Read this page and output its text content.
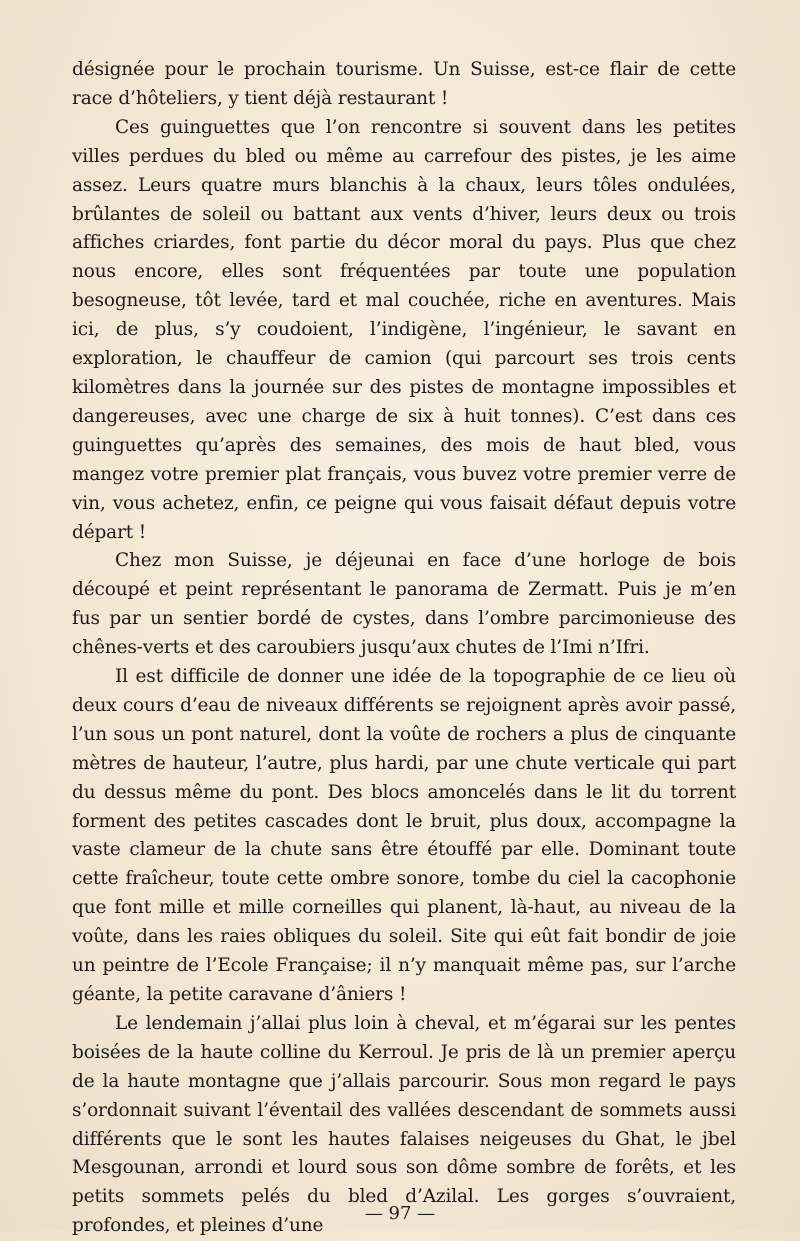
désignée pour le prochain tourisme. Un Suisse, est-ce flair de cette race d’hôteliers, y tient déjà restaurant !

Ces guinguettes que l’on rencontre si souvent dans les petites villes perdues du bled ou même au carrefour des pistes, je les aime assez. Leurs quatre murs blanchis à la chaux, leurs tôles ondulées, brûlantes de soleil ou battant aux vents d’hiver, leurs deux ou trois affiches criardes, font partie du décor moral du pays. Plus que chez nous encore, elles sont fréquentées par toute une population besogneuse, tôt levée, tard et mal couchée, riche en aventures. Mais ici, de plus, s’y coudoient, l’indigène, l’ingénieur, le savant en exploration, le chauffeur de camion (qui parcourt ses trois cents kilomètres dans la journée sur des pistes de montagne impossibles et dangereuses, avec une charge de six à huit tonnes). C’est dans ces guinguettes qu’après des semaines, des mois de haut bled, vous mangez votre premier plat français, vous buvez votre premier verre de vin, vous achetez, enfin, ce peigne qui vous faisait défaut depuis votre départ !

Chez mon Suisse, je déjeunai en face d’une horloge de bois découpé et peint représentant le panorama de Zermatt. Puis je m’en fus par un sentier bordé de cystes, dans l’ombre parcimonieuse des chênes-verts et des caroubiers jusqu’aux chutes de l’Imi n’Ifri.

Il est difficile de donner une idée de la topographie de ce lieu où deux cours d’eau de niveaux différents se rejoignent après avoir passé, l’un sous un pont naturel, dont la voûte de rochers a plus de cinquante mètres de hauteur, l’autre, plus hardi, par une chute verticale qui part du dessus même du pont. Des blocs amoncelés dans le lit du torrent forment des petites cascades dont le bruit, plus doux, accompagne la vaste clameur de la chute sans être étouffé par elle. Dominant toute cette fraîcheur, toute cette ombre sonore, tombe du ciel la cacophonie que font mille et mille corneilles qui planent, là-haut, au niveau de la voûte, dans les raies obliques du soleil. Site qui eût fait bondir de joie un peintre de l’Ecole Française; il n’y manquait même pas, sur l’arche géante, la petite caravane d’âniers !

Le lendemain j’allai plus loin à cheval, et m’égarai sur les pentes boisées de la haute colline du Kerroul. Je pris de là un premier aperçu de la haute montagne que j’allais parcourir. Sous mon regard le pays s’ordonnait suivant l’éventail des vallées descendant de sommets aussi différents que le sont les hautes falaises neigeuses du Ghat, le jbel Mesgounan, arrondi et lourd sous son dôme sombre de forêts, et les petits sommets pelés du bled d’Azilal. Les gorges s’ouvraient, profondes, et pleines d’une

— 97 —
